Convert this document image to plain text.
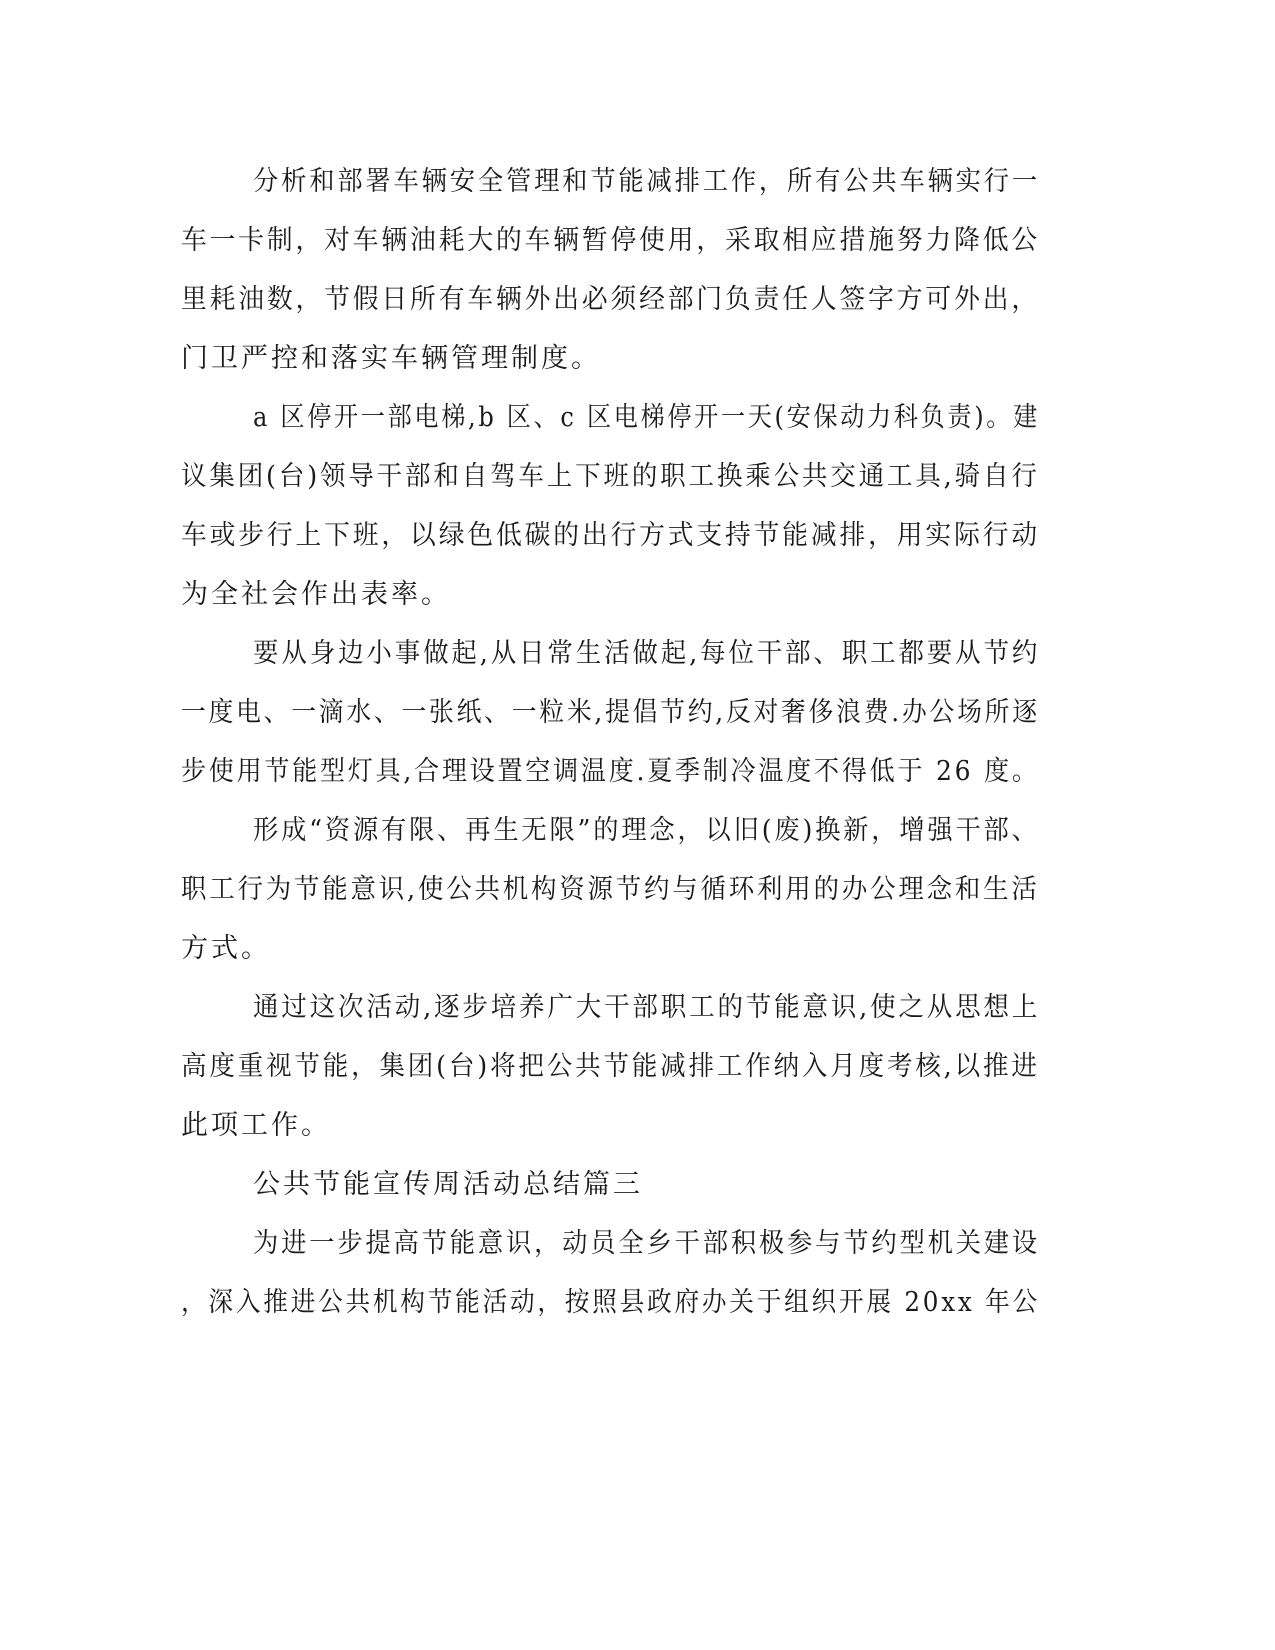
分析和部署车辆安全管理和节能减排工作，所有公共车辆实行一
车一卡制，对车辆油耗大的车辆暂停使用，采取相应措施努力降低公
里耗油数，节假日所有车辆外出必须经部门负责任人签字方可外出，
门卫严控和落实车辆管理制度。
a 区停开一部电梯,b 区、c 区电梯停开一天(安保动力科负责)。建
议集团(台)领导干部和自驾车上下班的职工换乘公共交通工具,骑自行
车或步行上下班，以绿色低碳的出行方式支持节能减排，用实际行动
为全社会作出表率。
要从身边小事做起,从日常生活做起,每位干部、职工都要从节约
一度电、一滴水、一张纸、一粒米,提倡节约,反对奢侈浪费.办公场所逐
步使用节能型灯具,合理设置空调温度.夏季制冷温度不得低于 26 度。
形成“资源有限、再生无限”的理念，以旧(废)换新，增强干部、
职工行为节能意识,使公共机构资源节约与循环利用的办公理念和生活
方式。
通过这次活动,逐步培养广大干部职工的节能意识,使之从思想上
高度重视节能，集团(台)将把公共节能减排工作纳入月度考核,以推进
此项工作。
公共节能宣传周活动总结篇三
为进一步提高节能意识，动员全乡干部积极参与节约型机关建设
，深入推进公共机构节能活动，按照县政府办关于组织开展 20xx 年公
